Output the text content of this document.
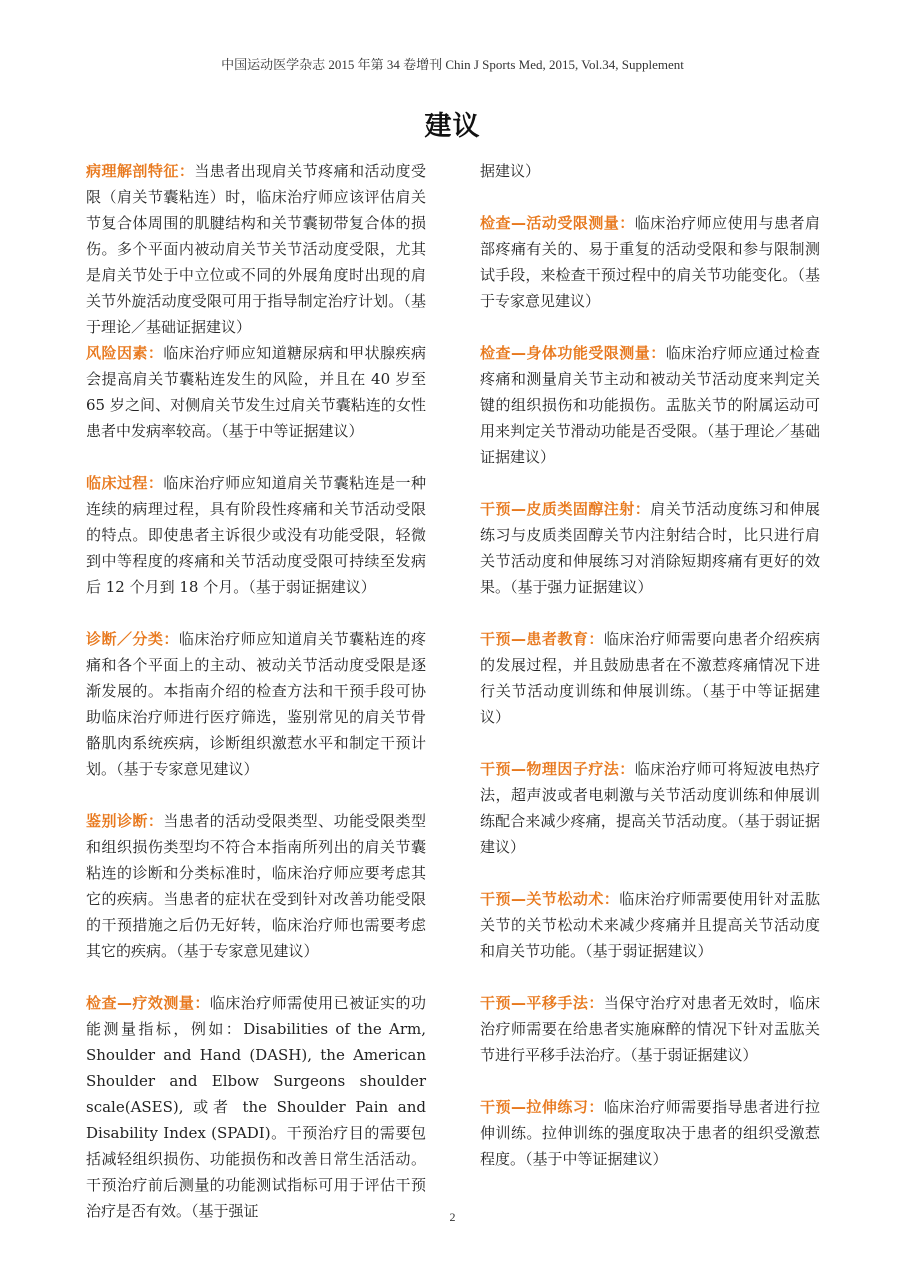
中国运动医学杂志 2015 年第 34 卷增刊 Chin J Sports Med, 2015, Vol.34, Supplement
建议

病理解剖特征：当患者出现肩关节疼痛和活动度受限（肩关节囊粘连）时，临床治疗师应该评估肩关节复合体周围的肌腱结构和关节囊韧带复合体的损伤。多个平面内被动肩关节关节活动度受限，尤其是肩关节处于中立位或不同的外展角度时出现的肩关节外旋活动度受限可用于指导制定治疗计划。（基于理论／基础证据建议）

风险因素：临床治疗师应知道糖尿病和甲状腺疾病会提高肩关节囊粘连发生的风险，并且在 40 岁至 65 岁之间、对侧肩关节发生过肩关节囊粘连的女性患者中发病率较高。（基于中等证据建议）

临床过程：临床治疗师应知道肩关节囊粘连是一种连续的病理过程，具有阶段性疼痛和关节活动受限的特点。即使患者主诉很少或没有功能受限，轻微到中等程度的疼痛和关节活动度受限可持续至发病后 12 个月到 18 个月。（基于弱证据建议）

诊断／分类：临床治疗师应知道肩关节囊粘连的疼痛和各个平面上的主动、被动关节活动度受限是逐渐发展的。本指南介绍的检查方法和干预手段可协助临床治疗师进行医疗筛选，鉴别常见的肩关节骨骼肌肉系统疾病，诊断组织激惹水平和制定干预计划。（基于专家意见建议）

鉴别诊断：当患者的活动受限类型、功能受限类型和组织损伤类型均不符合本指南所列出的肩关节囊粘连的诊断和分类标准时，临床治疗师应要考虑其它的疾病。当患者的症状在受到针对改善功能受限的干预措施之后仍无好转，临床治疗师也需要考虑其它的疾病。（基于专家意见建议）

检查—疗效测量：临床治疗师需使用已被证实的功能测量指标，例如：Disabilities of the Arm, Shoulder and Hand (DASH), the American Shoulder and Elbow Surgeons shoulder scale(ASES), 或者 the Shoulder Pain and Disability Index (SPADI)。干预治疗目的需要包括减轻组织损伤、功能损伤和改善日常生活活动。干预治疗前后测量的功能测试指标可用于评估干预治疗是否有效。（基于强证

据建议）

检查—活动受限测量：临床治疗师应使用与患者肩部疼痛有关的、易于重复的活动受限和参与限制测试手段，来检查干预过程中的肩关节功能变化。（基于专家意见建议）

检查—身体功能受限测量：临床治疗师应通过检查疼痛和测量肩关节主动和被动关节活动度来判定关键的组织损伤和功能损伤。盂肱关节的附属运动可用来判定关节滑动功能是否受限。（基于理论／基础证据建议）

干预—皮质类固醇注射：肩关节活动度练习和伸展练习与皮质类固醇关节内注射结合时，比只进行肩关节活动度和伸展练习对消除短期疼痛有更好的效果。（基于强力证据建议）

干预—患者教育：临床治疗师需要向患者介绍疾病的发展过程，并且鼓励患者在不激惹疼痛情况下进行关节活动度训练和伸展训练。（基于中等证据建议）

干预—物理因子疗法：临床治疗师可将短波电热疗法，超声波或者电刺激与关节活动度训练和伸展训练配合来减少疼痛，提高关节活动度。（基于弱证据建议）

干预—关节松动术：临床治疗师需要使用针对盂肱关节的关节松动术来减少疼痛并且提高关节活动度和肩关节功能。（基于弱证据建议）

干预—平移手法：当保守治疗对患者无效时，临床治疗师需要在给患者实施麻醉的情况下针对盂肱关节进行平移手法治疗。（基于弱证据建议）

干预—拉伸练习：临床治疗师需要指导患者进行拉伸训练。拉伸训练的强度取决于患者的组织受激惹程度。（基于中等证据建议）

2
